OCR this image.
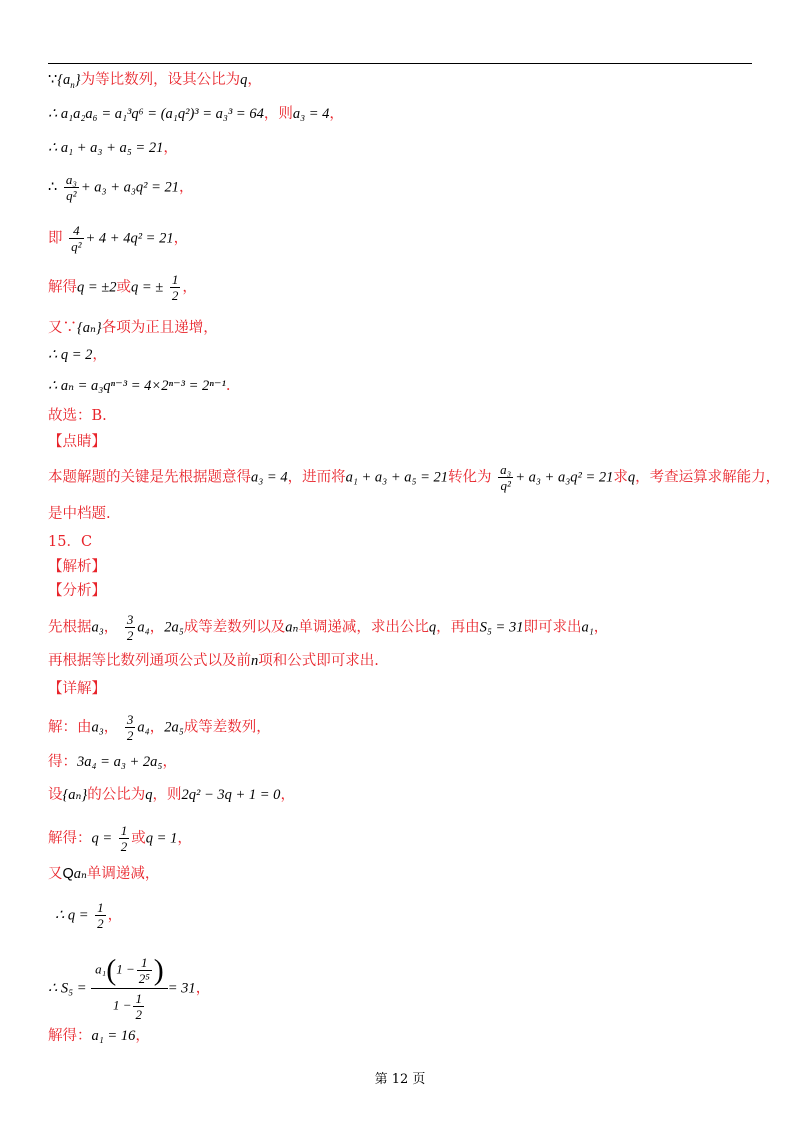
$\because\{a_n\}$为等比数列，设其公比为q，
∴ a₁a₂a₆ = a₁³q⁶ = (a₁q²)³ = a₃³ = 64，则a₃ = 4，
∴ a₁ + a₃ + a₅ = 21，
∴ $\frac{\text{a₃}}{\text{q²}} + a_3 + a_3q^2 = 21$，
即 $\frac{4}{\text{q²}} + 4 + 4q^2 = 21$，
解得q = ±2或q = ± $\frac{1}{2}$ ，
又∵{aₙ}各项为正且递增，
∴ q = 2，
∴ aₙ = a₃qⁿ⁻³ = 4×2ⁿ⁻³ = 2ⁿ⁻¹.
故选：B.
【点睛】
本题解题的关键是先根据题意得a₃ = 4，进而将a₁ + a₃ + a₅ = 21转化为 $\frac{\text{a₃}}{\text{q²}} + a_3 + a_3q^2 = 21$求q，考查运算求解能力，
是中档题.
15．C
【解析】
【分析】
先根据a₃， $\frac{3}{2} a_4$，2a₅成等差数列以及aₙ单调递减，求出公比q，再由S₅ = 31即可求出a₁，
再根据等比数列通项公式以及前n项和公式即可求出.
【详解】
解：由a₃， $\frac{3}{2} a_4$，2a₅成等差数列，
得：3a₄ = a₃ + 2a₅，
设{aₙ}的公比为q，则2q² − 3q + 1 = 0，
解得：$q = \frac{1}{2}$ 或q = 1，
又Qaₙ单调递减，
∴ $q = \frac{1}{2}$ ，
∴ $S_5 = \frac{a_1(1 - \frac{1}{\text{2⁵}} )}{1 - \frac{1}{2}} = 31$，
解得：a₁ = 16，
第 12 页
